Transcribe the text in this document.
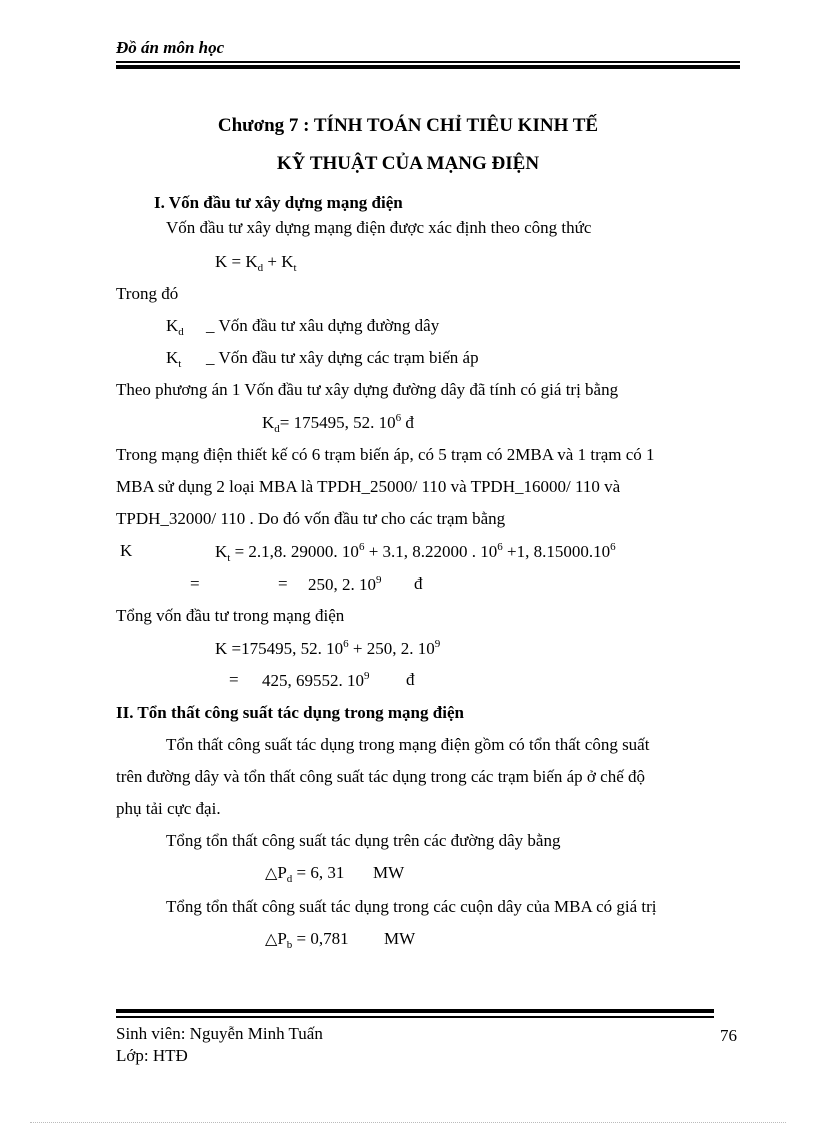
Đồ án môn học
Chương 7 : TÍNH TOÁN CHỈ TIÊU KINH TẾ
KỸ THUẬT CỦA MẠNG ĐIỆN
I. Vốn đầu tư xây dựng mạng điện
Vốn đầu tư xây dựng mạng điện được xác định theo công thức
$K = K_d + K_t$
Trong đó
$K_d$ _ Vốn đầu tư xâu dựng đường dây
$K_t$ _ Vốn đầu tư xây dựng các trạm biến áp
Theo phương án 1 Vốn đầu tư xây dựng đường dây đã tính có giá trị bằng
$K_d= 175495$, 52. $10^6$ đ
Trong mạng điện thiết kế có 6 trạm biến áp, có 5 trạm có 2MBA và 1 trạm có 1
MBA sử dụng 2 loại MBA là TPDH_25000/ 110 và TPDH_16000/ 110 và
TPDH_32000/ 110 . Do đó vốn đầu tư cho các trạm bằng
K	$K_t = 2.1,8$. 29000. $10^6 + 3.1$, 8.22000 . $10^6 +1$, $8.15000.10^6$
=	= 250, 2. $10^9$ đ
Tổng vốn đầu tư trong mạng điện
K =175495, 52. $10^6 + 250$, 2. $10^9$
= 425, 69552. $10^9$ đ
II. Tổn thất công suất tác dụng trong mạng điện
Tổn thất công suất tác dụng trong mạng điện gồm có tổn thất công suất
trên đường dây và tổn thất công suất tác dụng trong các trạm biến áp ở chế độ
phụ tải cực đại.
Tổng tổn thất công suất tác dụng trên các đường dây bằng
$\triangle P_d = 6$, 31 MW
Tổng tổn thất công suất tác dụng trong các cuộn dây của MBA có giá trị
$\triangle P_b = 0,781$ MW
Sinh viên: Nguyễn Minh Tuấn	76
Lớp: HTĐ
